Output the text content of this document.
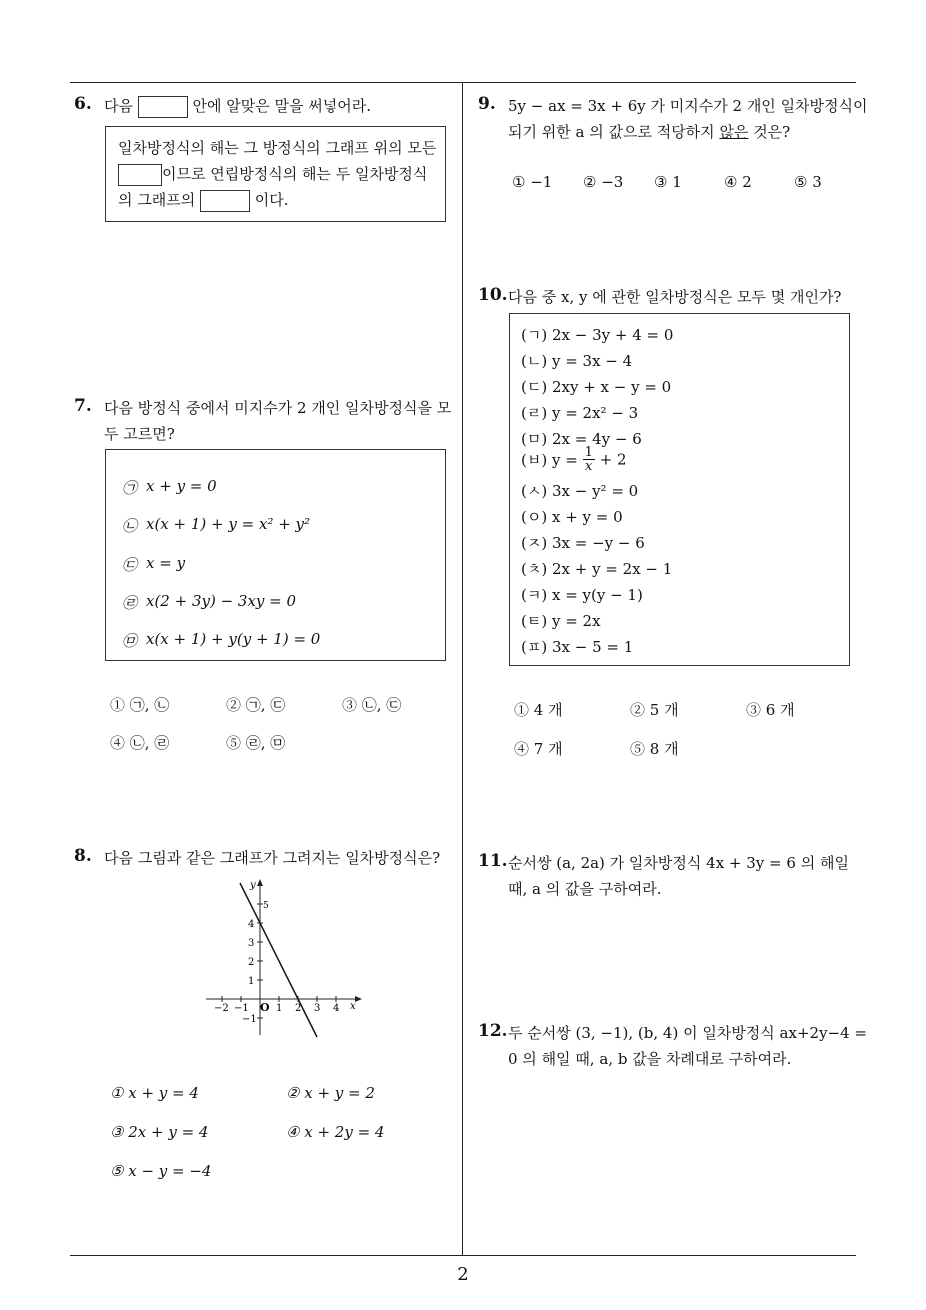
2
6. 다음	안에 알맞은 말을 써넣어라.
일차방정식의 해는 그 방정식의 그래프 위의 모든
이므로 연립방정식의 해는 두 일차방정식
의 그래프의	이다.
7. 다음 방정식 중에서 미지수가 2 개인 일차방정식을 모
두 고르면?
㉠ x + y = 0
㉡ x(x + 1) + y = x² + y²
㉢ x = y
㉣ x(2 + 3y) − 3xy = 0
㉤ x(x + 1) + y(y + 1) = 0
① ㉠, ㉡	② ㉠, ㉢	③ ㉡, ㉢
④ ㉡, ㉣	⑤ ㉣, ㉤
8. 다음 그림과 같은 그래프가 그려지는 일차방정식은?
5
4
3
2
1
−1
−2 −1	1 2 3 4
O	x
y
① x + y = 4	② x + y = 2
③ 2x + y = 4	④ x + 2y = 4
⑤ x − y = −4
9. 5y − ax = 3x + 6y 가 미지수가 2 개인 일차방정식이
되기 위한 a 의 값으로 적당하지 않은 것은?
① −1 ② −3 ③ 1	④ 2	⑤ 3
10. 다음 중 x, y 에 관한 일차방정식은 모두 몇 개인가?
(ㄱ) 2x − 3y + 4 = 0
(ㄴ) y = 3x − 4
(ㄷ) 2xy + x − y = 0
(ㄹ) y = 2x² − 3
(ㅁ) 2x = 4y − 6
(ㅂ) $y = \frac{1}{x} + 2$
(ㅅ) 3x − y² = 0
(ㅇ) x + y = 0
(ㅈ) 3x = −y − 6
(ㅊ) 2x + y = 2x − 1
(ㅋ) x = y(y − 1)
(ㅌ) y = 2x
(ㅍ) 3x − 5 = 1
① 4 개	② 5 개	③ 6 개
④ 7 개	⑤ 8 개
11. 순서쌍 (a, 2a) 가 일차방정식 4x + 3y = 6 의 해일
때, a 의 값을 구하여라.
12. 두 순서쌍 (3, −1), (b, 4) 이 일차방정식 ax+2y−4 =
0 의 해일 때, a, b 값을 차례대로 구하여라.
